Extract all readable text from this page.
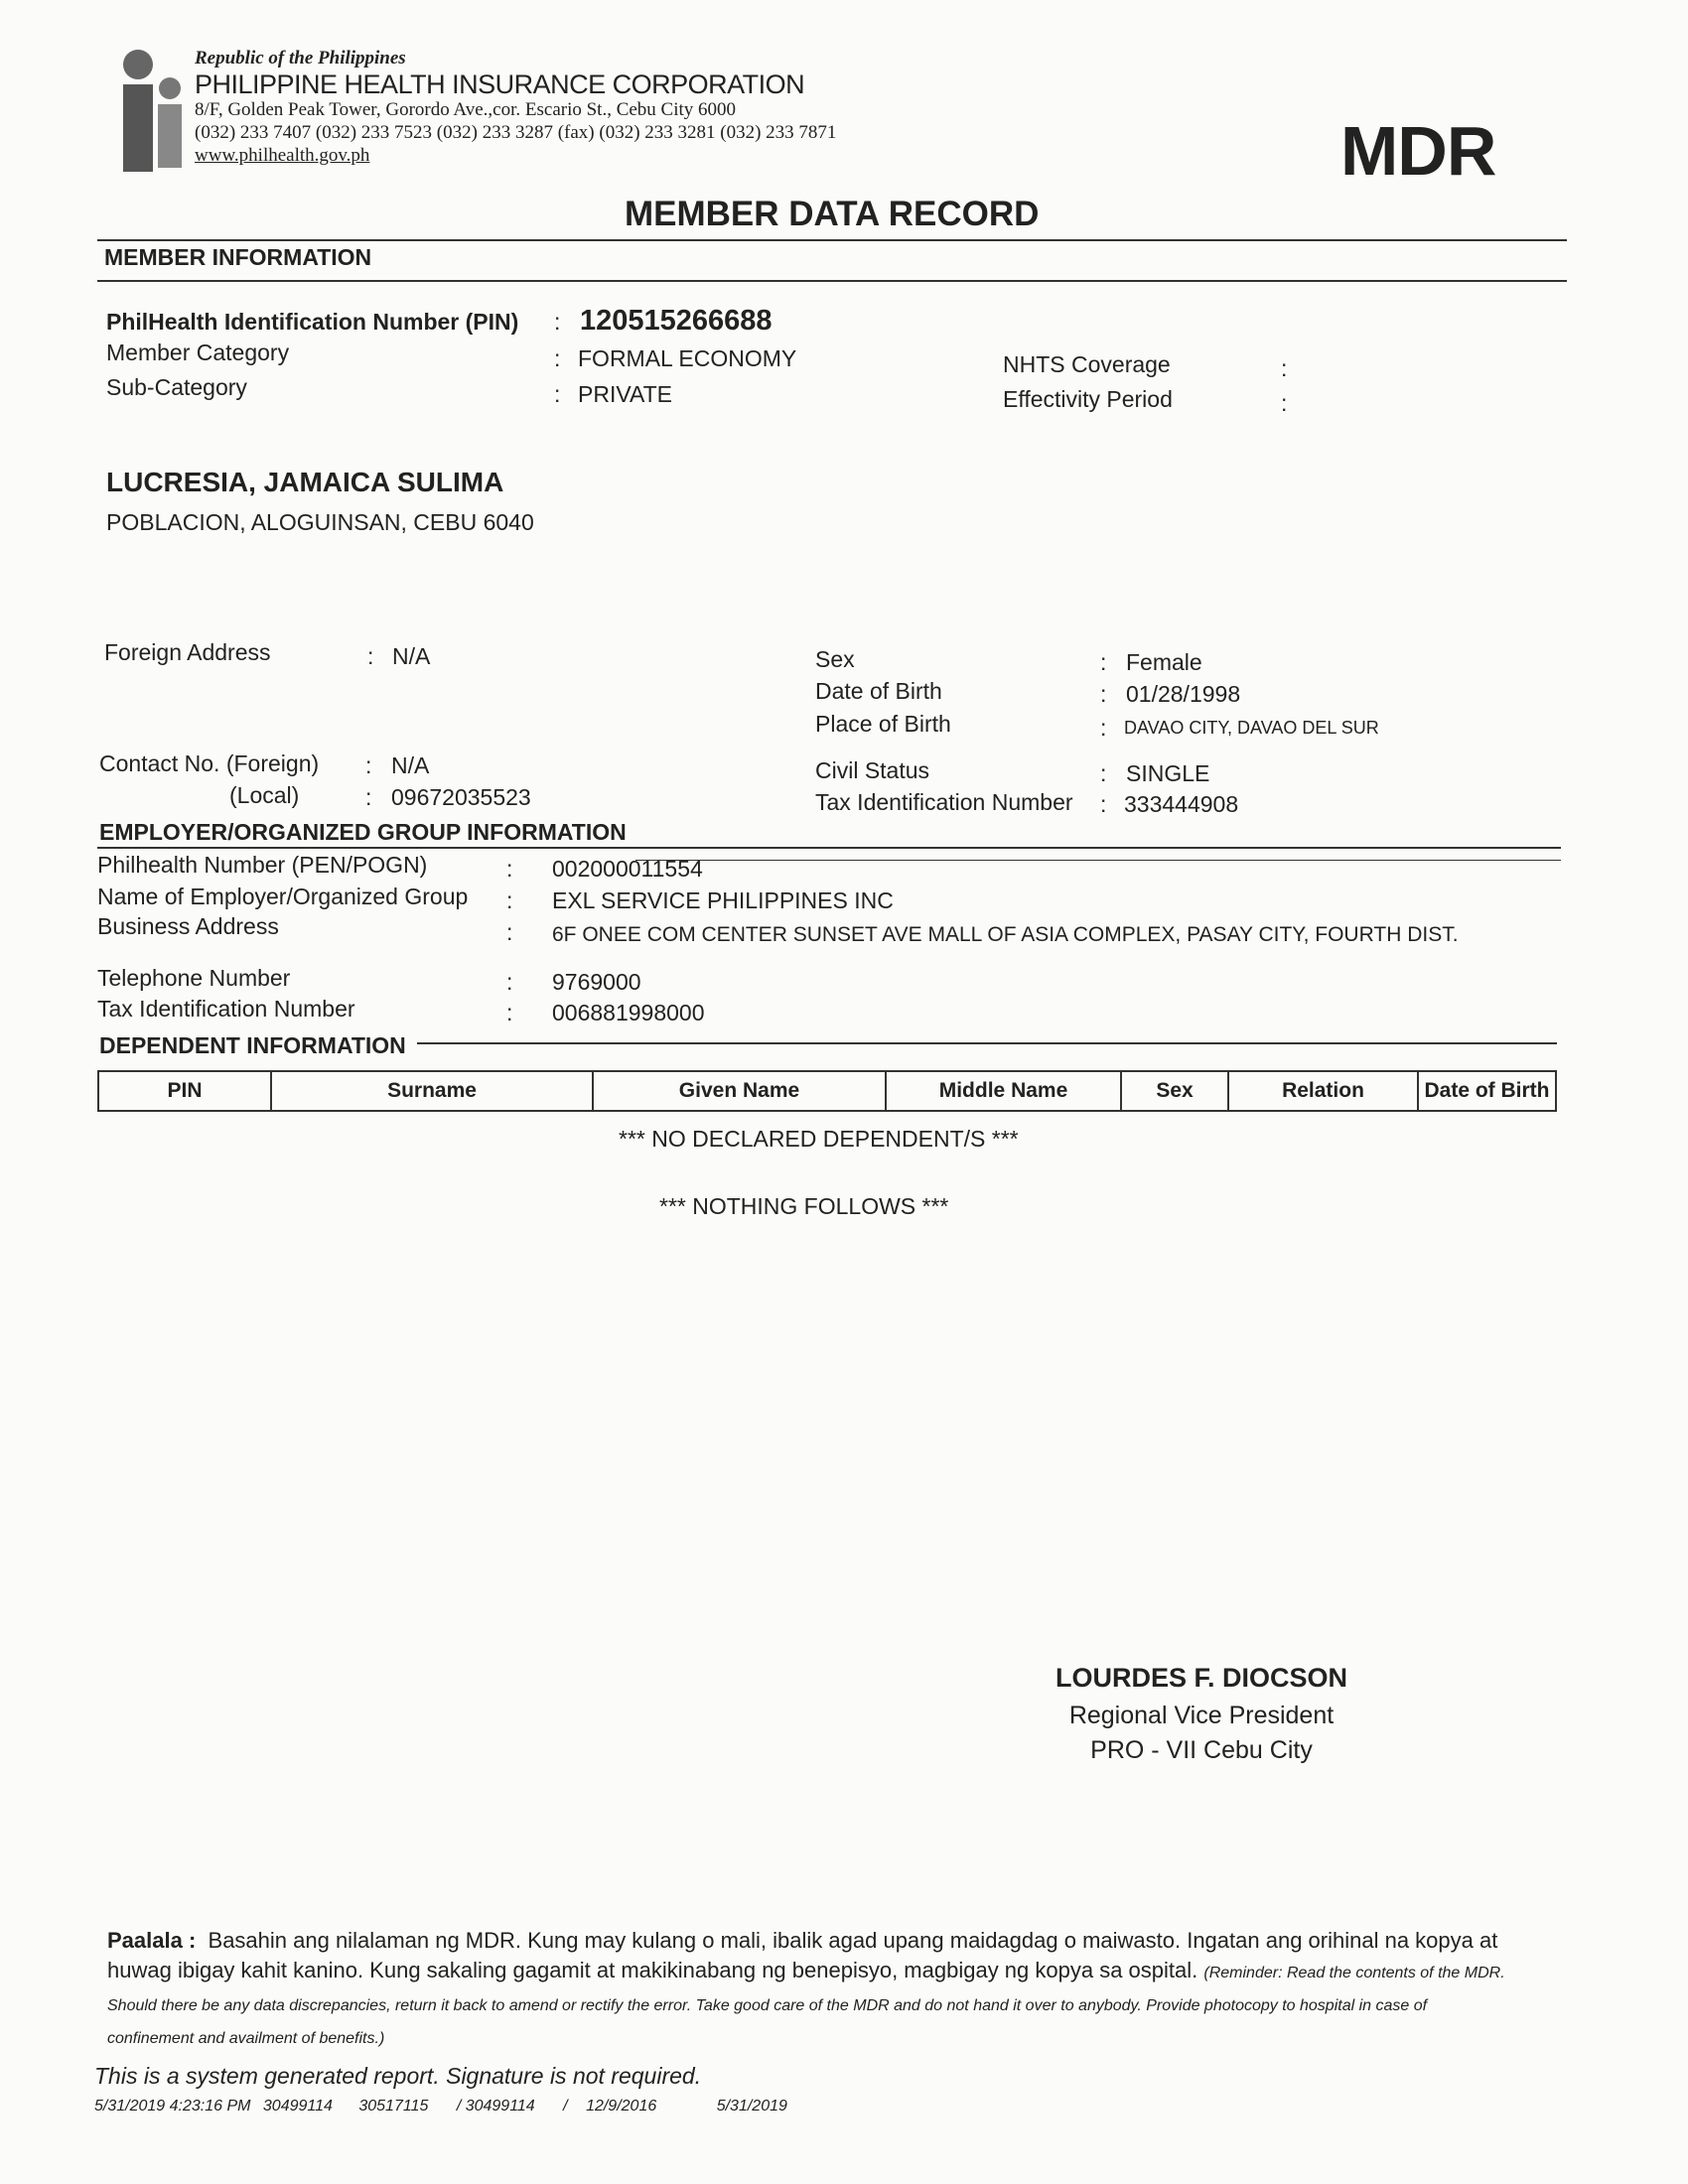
Republic of the Philippines
PHILIPPINE HEALTH INSURANCE CORPORATION
8/F, Golden Peak Tower, Gorordo Ave.,cor. Escario St., Cebu City 6000
(032) 233 7407 (032) 233 7523 (032) 233 3287 (fax) (032) 233 3281 (032) 233 7871
www.philhealth.gov.ph	MDR
MEMBER DATA RECORD
MEMBER INFORMATION
PhilHealth Identification Number (PIN) : 120515266688
Member Category	: FORMAL ECONOMY
Sub-Category	: PRIVATE
NHTS Coverage	:
Effectivity Period	:
LUCRESIA, JAMAICA SULIMA
POBLACION, ALOGUINSAN, CEBU 6040
Foreign Address	: N/A
Contact No. (Foreign) : N/A
(Local)	: 09672035523
Sex	: Female
Date of Birth	: 01/28/1998
Place of Birth	: DAVAO CITY, DAVAO DEL SUR
Civil Status	: SINGLE
Tax Identification Number : 333444908
EMPLOYER/ORGANIZED GROUP INFORMATION
Philhealth Number (PEN/POGN)	: 002000011554
Name of Employer/Organized Group : EXL SERVICE PHILIPPINES INC
Business Address	: 6F ONEE COM CENTER SUNSET AVE MALL OF ASIA COMPLEX, PASAY CITY, FOURTH DIST.
Telephone Number	: 9769000
Tax Identification Number	: 006881998000
DEPENDENT INFORMATION
PIN	Surname	Given Name	Middle Name	Sex	Relation	Date of Birth
*** NO DECLARED DEPENDENT/S ***
*** NOTHING FOLLOWS ***
LOURDES F. DIOCSON
Regional Vice President
PRO - VII Cebu City
Paalala : Basahin ang nilalaman ng MDR. Kung may kulang o mali, ibalik agad upang maidagdag o maiwasto. Ingatan ang orihinal na kopya at huwag ibigay kahit kanino. Kung sakaling gagamit at makikinabang ng benepisyo, magbigay ng kopya sa ospital. (Reminder: Read the contents of the MDR. Should there be any data discrepancies, return it back to amend or rectify the error. Take good care of the MDR and do not hand it over to anybody. Provide photocopy to hospital in case of confinement and availment of benefits.)
This is a system generated report. Signature is not required.
5/31/2019 4:23:16 PM 30499114 30517115 / 30499114 / 12/9/2016	5/31/2019
